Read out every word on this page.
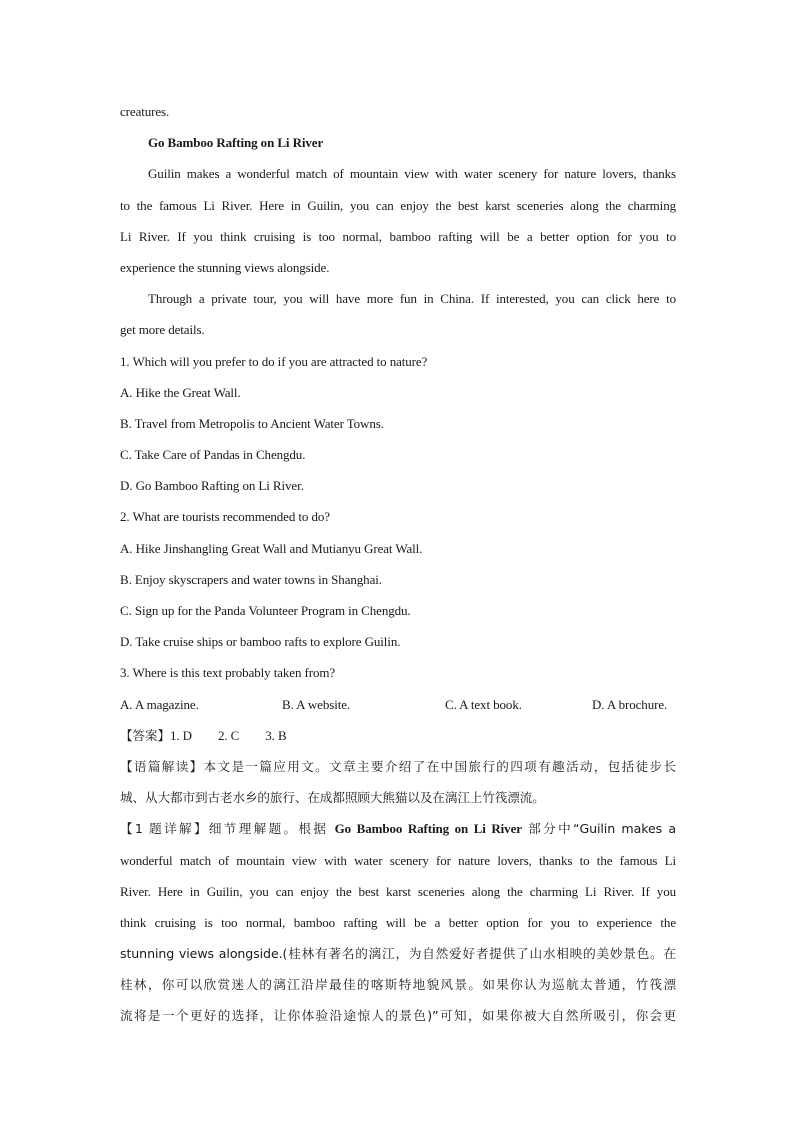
creatures.
Go Bamboo Rafting on Li River
Guilin makes a wonderful match of mountain view with water scenery for nature lovers, thanks
to the famous Li River. Here in Guilin, you can enjoy the best karst sceneries along the charming
Li River. If you think cruising is too normal, bamboo rafting will be a better option for you to
experience the stunning views alongside.
Through a private tour, you will have more fun in China. If interested, you can click here to
get more details.
1. Which will you prefer to do if you are attracted to nature?
A. Hike the Great Wall.
B. Travel from Metropolis to Ancient Water Towns.
C. Take Care of Pandas in Chengdu.
D. Go Bamboo Rafting on Li River.
2. What are tourists recommended to do?
A. Hike Jinshangling Great Wall and Mutianyu Great Wall.
B. Enjoy skyscrapers and water towns in Shanghai.
C. Sign up for the Panda Volunteer Program in Chengdu.
D. Take cruise ships or bamboo rafts to explore Guilin.
3. Where is this text probably taken from?
A. A magazine.	B. A website.	C. A text book.	D. A brochure.
【答案】1. D 2. C 3. B
【语篇解读】本文是一篇应用文。文章主要介绍了在中国旅行的四项有趣活动，包括徒步长
城、从大都市到古老水乡的旅行、在成都照顾大熊猫以及在漓江上竹筏漂流。
【1 题详解】细节理解题。根据 Go Bamboo Rafting on Li River 部分中“Guilin makes a
wonderful match of mountain view with water scenery for nature lovers, thanks to the famous Li
River. Here in Guilin, you can enjoy the best karst sceneries along the charming Li River. If you
think cruising is too normal, bamboo rafting will be a better option for you to experience the
stunning views alongside.(桂林有著名的漓江，为自然爱好者提供了山水相映的美妙景色。在
桂林，你可以欣赏迷人的漓江沿岸最佳的喀斯特地貌风景。如果你认为巡航太普通，竹筏漂
流将是一个更好的选择，让你体验沿途惊人的景色)”可知，如果你被大自然所吸引，你会更
